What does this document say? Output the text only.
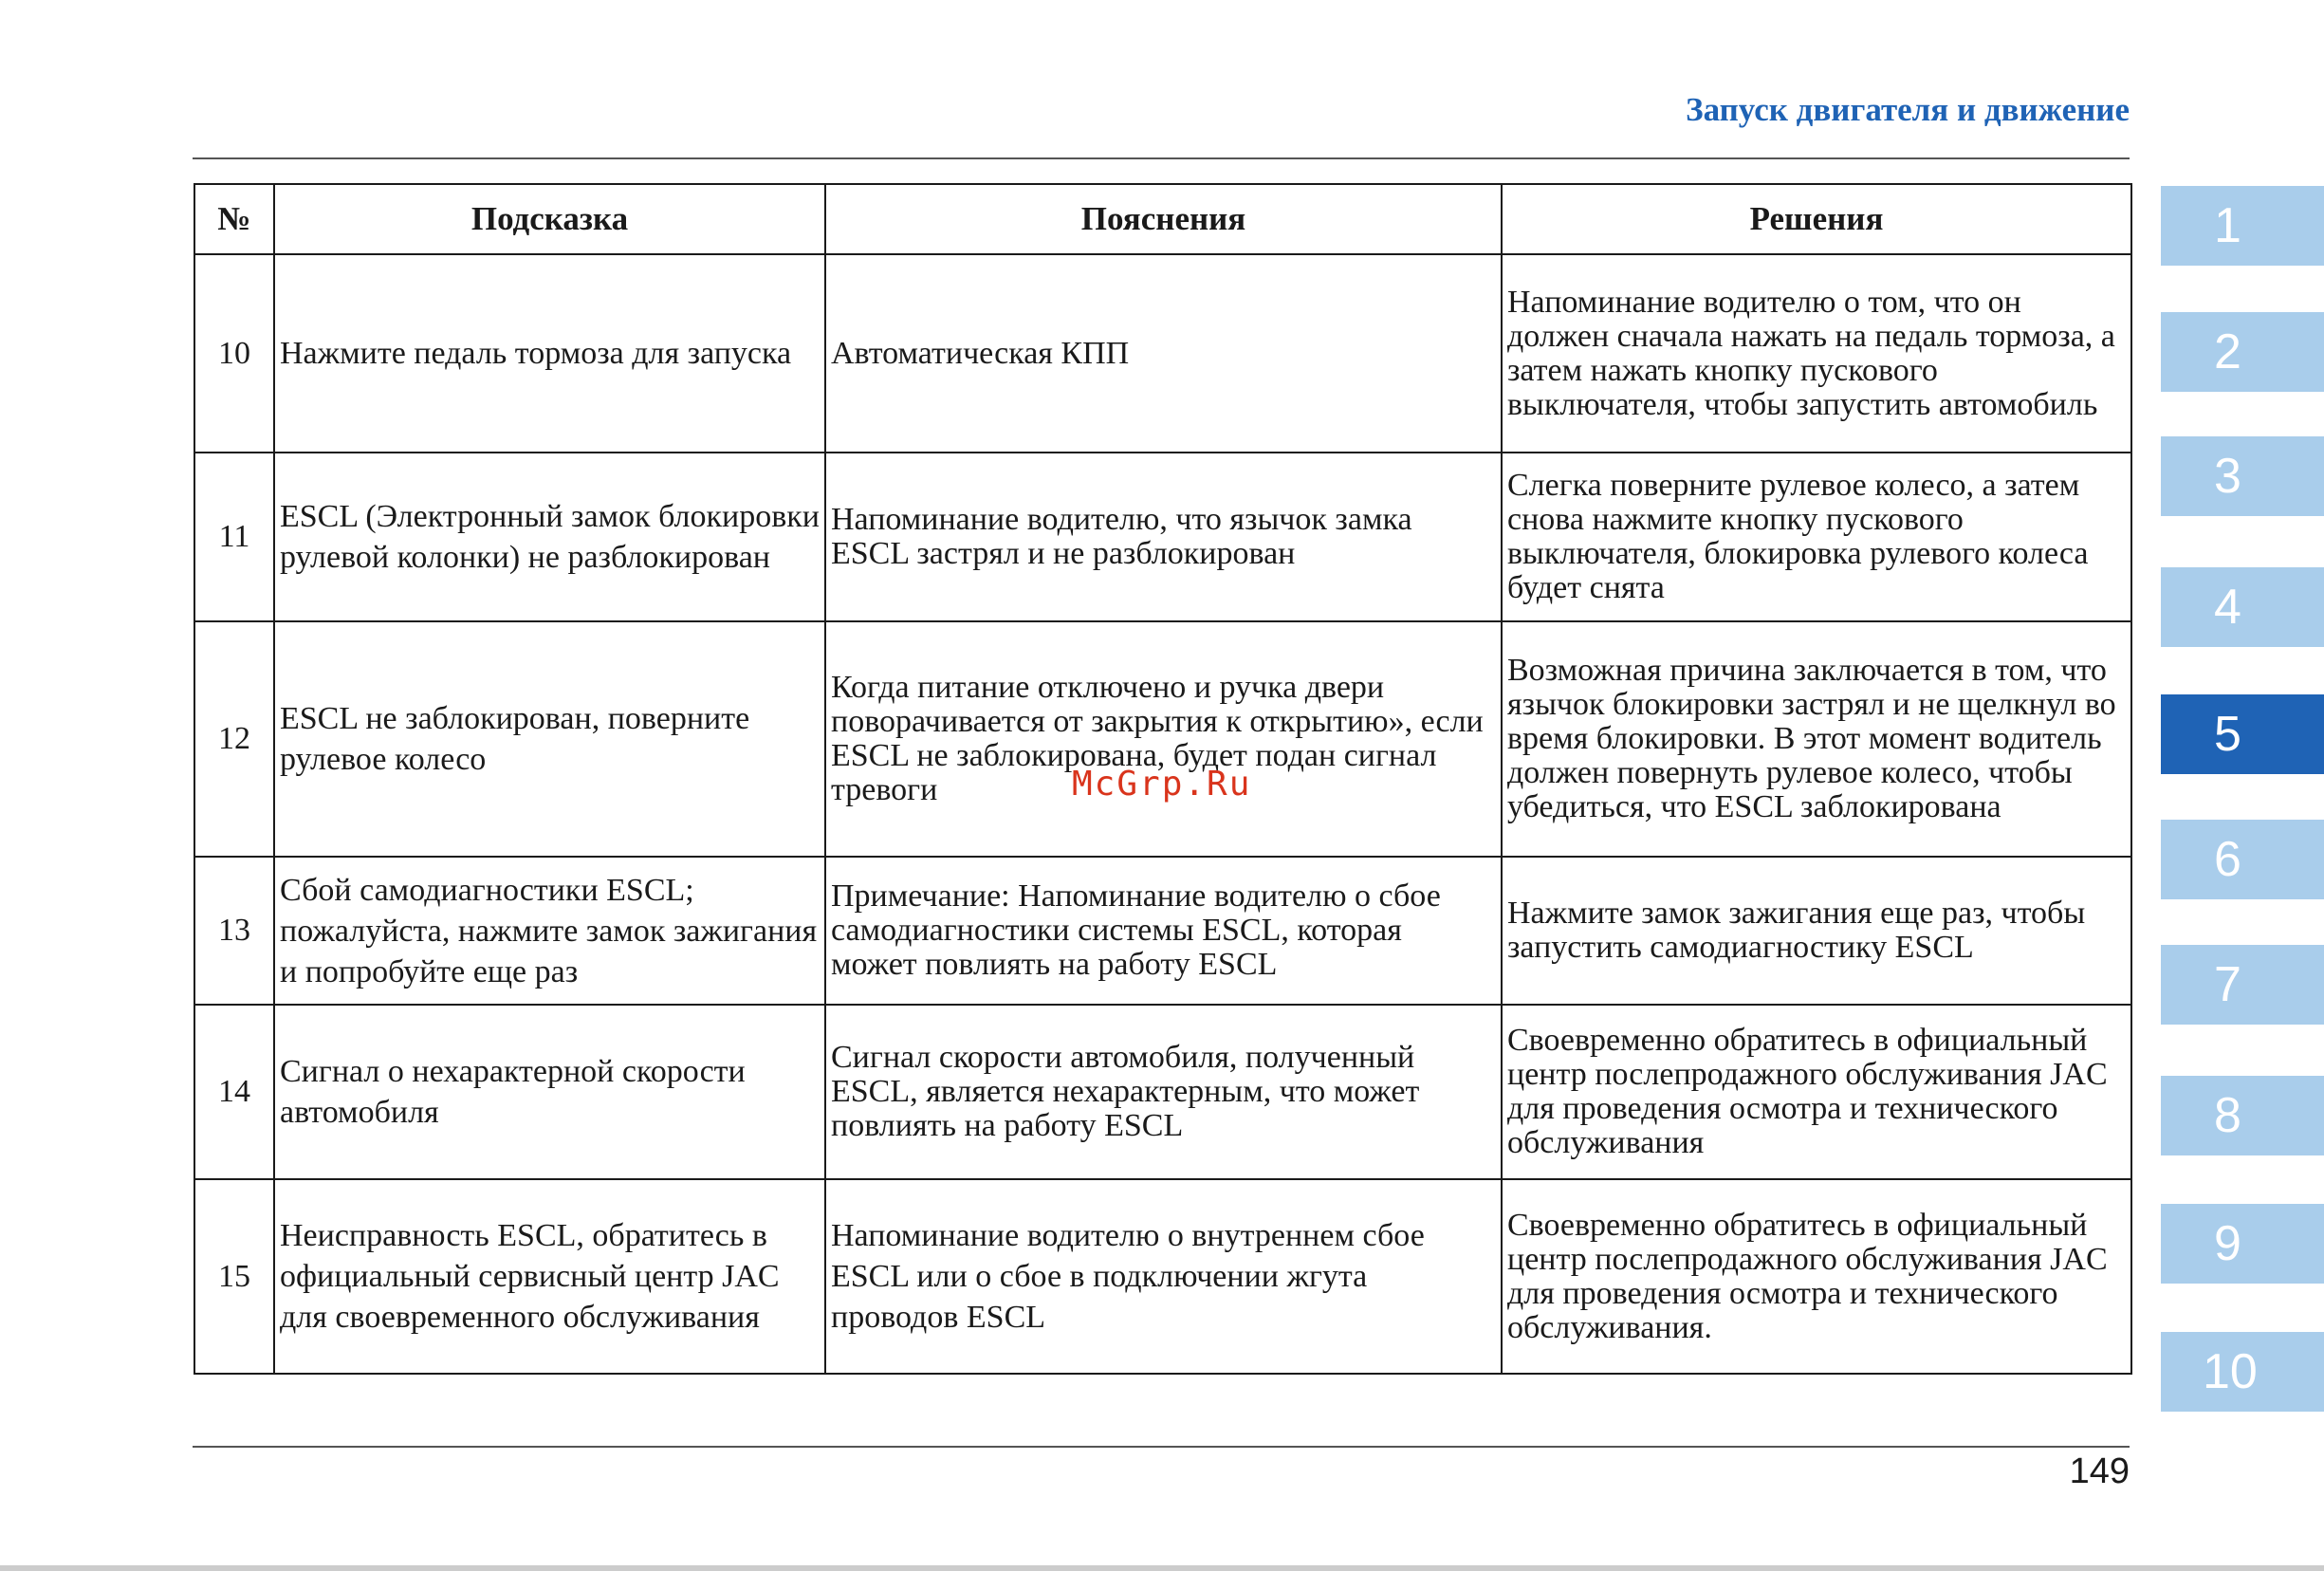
Запуск двигателя и движение
№	Подсказка	Пояснения	Решения
10	Нажмите педаль тормоза для запуска	Автоматическая КПП	Напоминание водителю о том, что он должен сначала нажать на педаль тормоза, а затем нажать кнопку пускового выключателя, чтобы запустить автомобиль
11	ESCL (Электронный замок блокировки рулевой колонки) не разблокирован	Напоминание водителю, что язычок замка ESCL застрял и не разблокирован	Слегка поверните рулевое колесо, а затем снова нажмите кнопку пускового выключателя, блокировка рулевого колеса будет снята
12	ESCL не заблокирован, поверните рулевое колесо	Когда питание отключено и ручка двери поворачивается от закрытия к открытию», если ESCL не заблокирована, будет подан сигнал тревоги	Возможная причина заключается в том, что язычок блокировки застрял и не щелкнул во время блокировки. В этот момент водитель должен повернуть рулевое колесо, чтобы убедиться, что ESCL заблокирована
13	Сбой самодиагностики ESCL; пожалуйста, нажмите замок зажигания и попробуйте еще раз	Примечание: Напоминание водителю о сбое самодиагностики системы ESCL, которая может повлиять на работу ESCL	Нажмите замок зажигания еще раз, чтобы запустить самодиагностику ESCL
14	Сигнал о нехарактерной скорости автомобиля	Сигнал скорости автомобиля, полученный ESCL, является нехарактерным, что может повлиять на работу ESCL	Своевременно обратитесь в официальный центр послепродажного обслуживания JAC для проведения осмотра и технического обслуживания
15	Неисправность ESCL, обратитесь в официальный сервисный центр JAC для своевременного обслуживания	Напоминание водителю о внутреннем сбое ESCL или о сбое в подключении жгута проводов ESCL	Своевременно обратитесь в официальный центр послепродажного обслуживания JAC для проведения осмотра и технического обслуживания.
McGrp.Ru
1
2
3
4
5
6
7
8
9
10
149
